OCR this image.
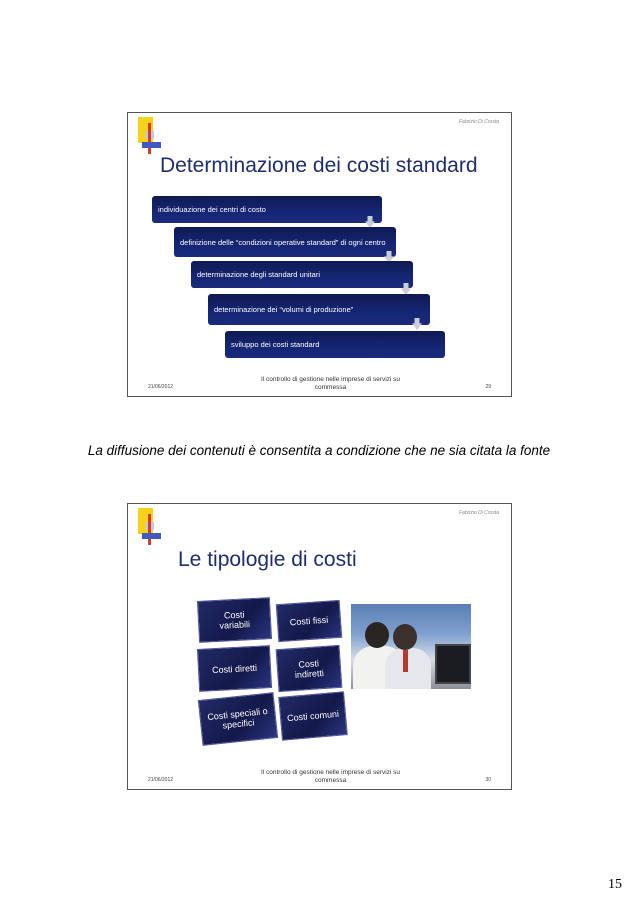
Fabrizio Di Crosta
Determinazione dei costi standard
individuazione dei centri di costo
definizione delle “condizioni operative standard” di ogni centro
determinazione degli standard unitari
determinazione dei “volumi di produzione”
sviluppo dei costi standard
21/06/2012
Il controllo di gestione nelle imprese di servizi su commessa	29
La diffusione dei contenuti è consentita a condizione che ne sia citata la fonte
Fabrizio Di Crosta
Le tipologie di costi
Costi variabili	Costi fissi
Costi diretti	Costi indiretti
Costi speciali o specifici
Costi comuni
21/06/2012
Il controllo di gestione nelle imprese di servizi su commessa	30
15
